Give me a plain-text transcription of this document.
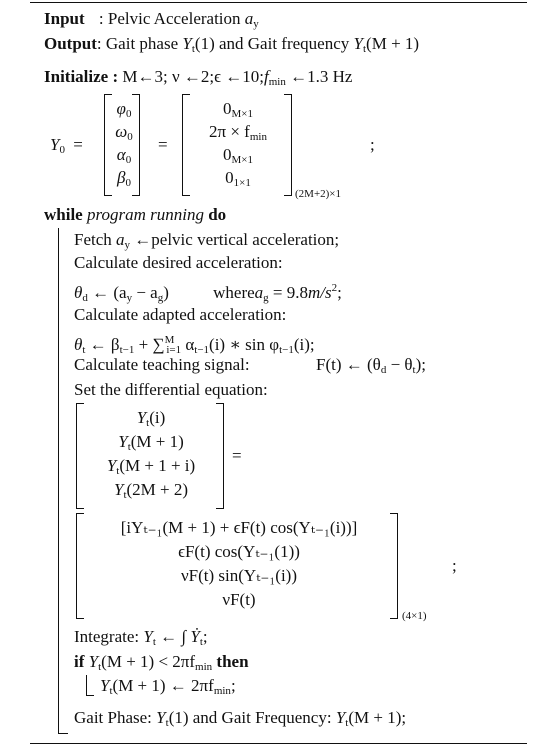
Input : Pelvic Acceleration $a_y$
Output: Gait phase $Y_t(1)$ and Gait frequency $Y_t(M + 1)$
Initialize : M←3; ν ←2;ϵ $\leftarrow 10;f_{min}$ ←1.3 Hz
$Y_0$ =
$\varphi_0$
$\omega_0$
$\alpha_0$
$\beta_0$
=
$0_{M\times 1}$
$2\pi \times f_{min}$
$0_{M\times 1}$
$0_{1\times 1}$
(2M+2)×1
;
while program running do
Fetch $a_y$ ←pelvic vertical acceleration;
Calculate desired acceleration:
$\theta_d$ ← $(a_y - a_g)$	wherea$_g$ = $9.8m/s^2$;
Calculate adapted acceleration:
$\theta_t$ ← $\beta_{t-1} + \sum^M_{i=1}$ $\alpha_{t-1}(i)$ ∗ $\sin \varphi_{t-1}(i)$;
Calculate teaching signal:	F(t) ← $(\theta_d - \theta_t)$;
Set the differential equation:
$Y_t(i)$
$Y_t(M + 1)$
$Y_t(M + 1 + i)$
$Y_t(2M + 2)$
=
[iYₜ₋₁(M + 1) + ϵF(t) cos(Yₜ₋₁(i))]
ϵF(t) cos(Yₜ₋₁(1))
νF(t) sin(Yₜ₋₁(i))
νF(t)
(4×1)
;
Integrate: $Y_t$ ← ∫ $Ẏ_t$;
if $Y_t(M + 1) < 2\pi f_{min}$ then
$Y_t(M + 1)$ ← $2\pi f_{min}$;
Gait Phase: $Y_t(1)$ and Gait Frequency: $Y_t(M + 1)$;
